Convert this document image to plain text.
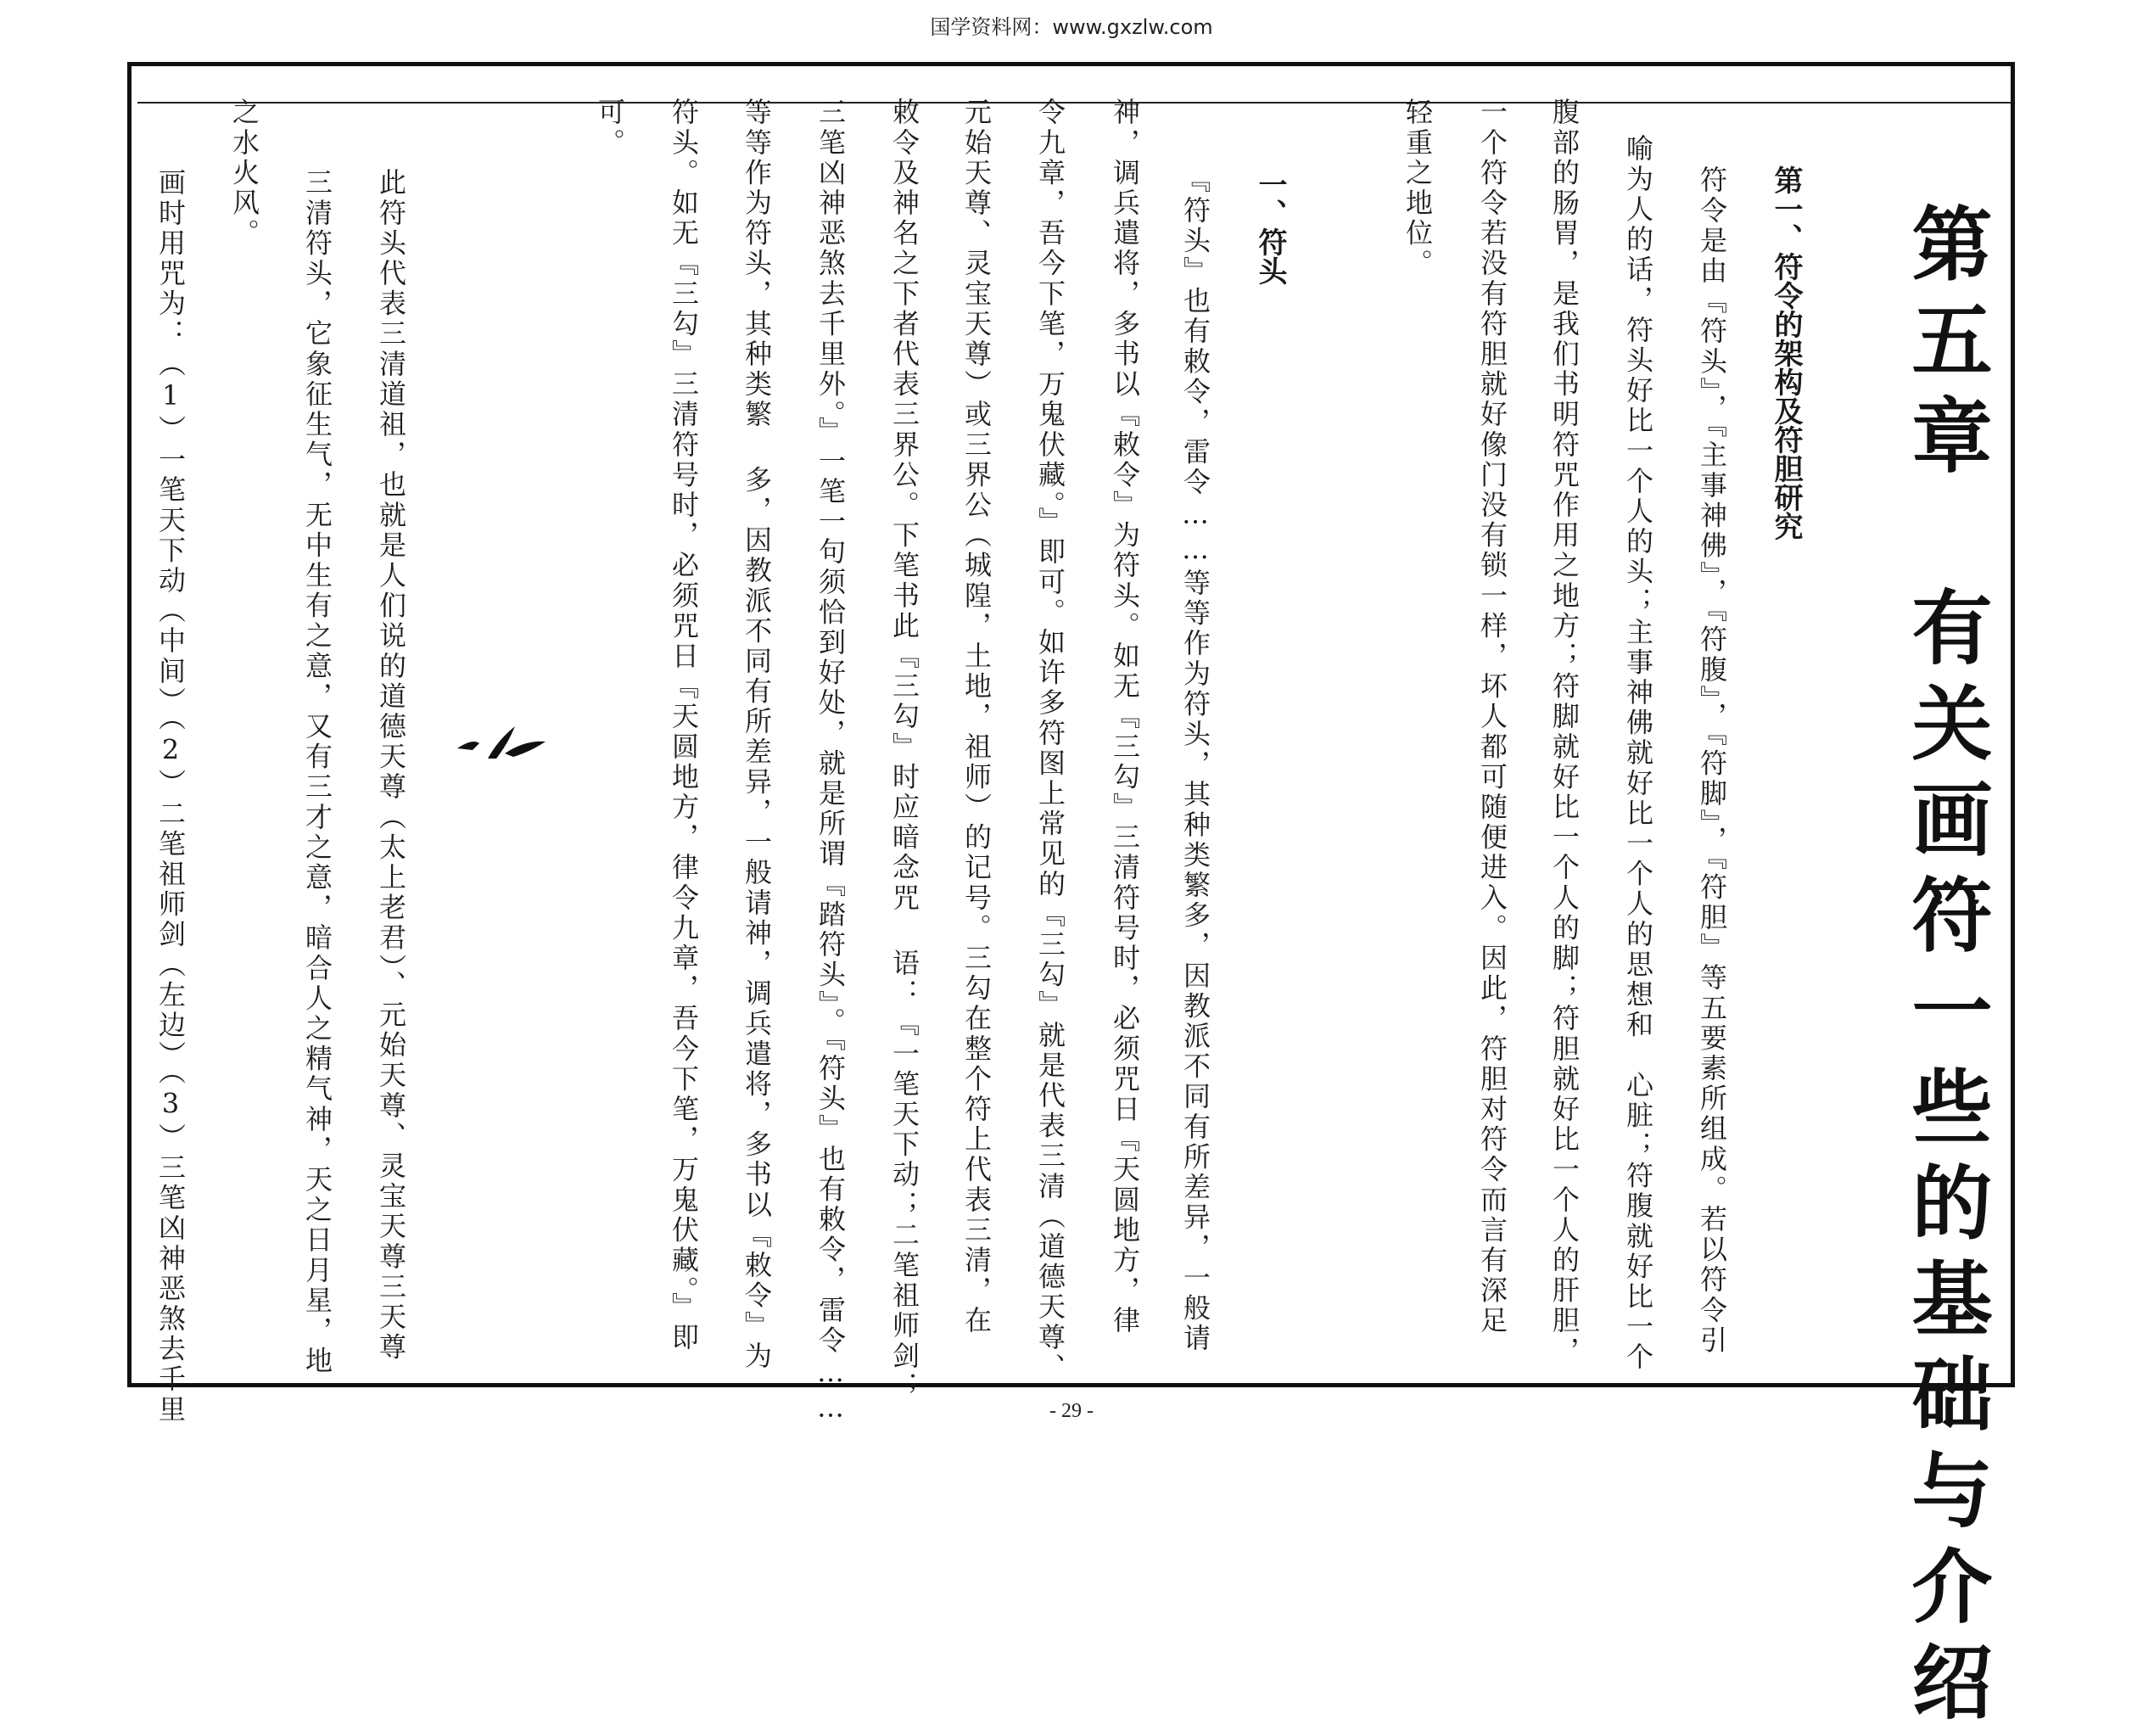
国学资料网：www.gxzlw.com
第五章　有关画符一些的基础与介绍
第一、符令的架构及符胆研究
符令是由『符头』，『主事神佛』，『符腹』，『符脚』，『符胆』等五要素所组成。若以符令引
喻为人的话，符头好比一个人的头；主事神佛就好比一个人的思想和　心脏；符腹就好比一个
腹部的肠胃，是我们书明符咒作用之地方；符脚就好比一个人的脚；符胆就好比一个人的肝胆，
一个符令若没有符胆就好像门没有锁一样，坏人都可随便进入。因此，符胆对符令而言有深足
轻重之地位。
一、符头
『符头』也有敕令，雷令……等等作为符头，其种类繁多，因教派不同有所差异，一般请
神，调兵遣将，多书以『敕令』为符头。如无『三勾』三清符号时，必须咒日『天圆地方，律
令九章，吾今下笔，万鬼伏藏。』即可。如许多符图上常见的『三勾』就是代表三清（道德天尊、
元始天尊、灵宝天尊）或三界公（城隍，土地，祖师）的记号。三勾在整个符上代表三清，在
敕令及神名之下者代表三界公。下笔书此『三勾』时应暗念咒 语：『一笔天下动；二笔祖师剑；
三笔凶神恶煞去千里外。』一笔一句须恰到好处，就是所谓『踏符头』。『符头』也有敕令，雷令……
等等作为符头，其种类繁 多，因教派不同有所差异，一般请神，调兵遣将，多书以『敕令』为
符头。如无『三勾』三清符号时，必须咒日『天圆地方，律令九章，吾今下笔，万鬼伏藏。』即
可。
此符头代表三清道祖，也就是人们说的道德天尊（太上老君）、元始天尊、灵宝天尊三天尊
三清符头，它象征生气，无中生有之意，又有三才之意，暗合人之精气神，天之日月星，地
之水火风。
画时用咒为：（1）一笔天下动（中间）（2）二笔祖师剑（左边）（3）三笔凶神恶煞去千里	- 29 -
